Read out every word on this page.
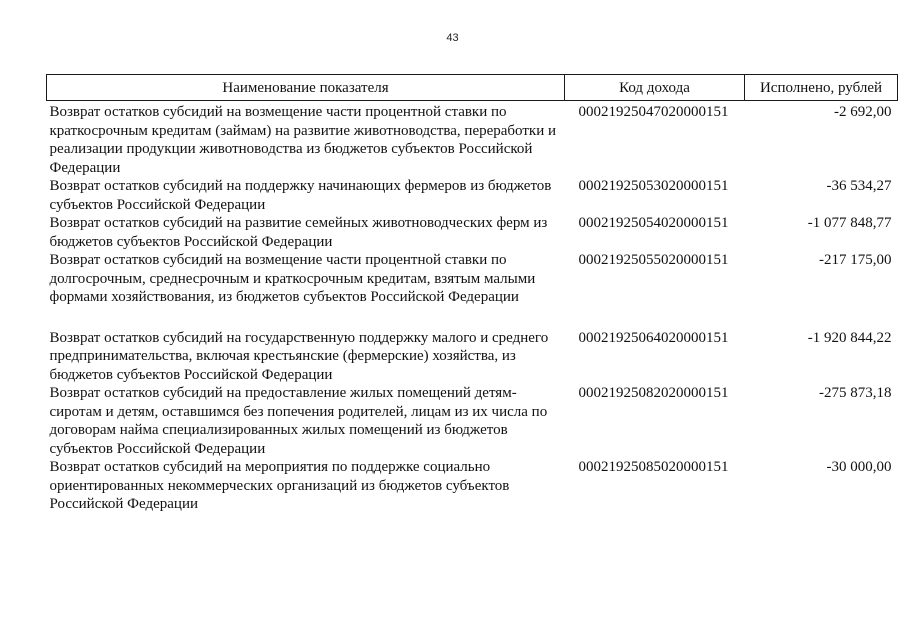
43
Наименование показателя	Код дохода	Исполнено, рублей
Возврат остатков субсидий на возмещение части процентной ставки по краткосрочным кредитам (займам) на развитие животноводства, переработки и реализации продукции животноводства из бюджетов субъектов Российской Федерации	00021925047020000151	-2 692,00
Возврат остатков субсидий на поддержку начинающих фермеров из бюджетов субъектов Российской Федерации	00021925053020000151	-36 534,27
Возврат остатков субсидий на развитие семейных животноводческих ферм из бюджетов субъектов Российской Федерации	00021925054020000151	-1 077 848,77
Возврат остатков субсидий на возмещение части процентной ставки по долгосрочным, среднесрочным и краткосрочным кредитам, взятым малыми формами хозяйствования, из бюджетов субъектов Российской Федерации	00021925055020000151	-217 175,00
Возврат остатков субсидий на государственную поддержку малого и среднего предпринимательства, включая крестьянские (фермерские) хозяйства, из бюджетов субъектов Российской Федерации	00021925064020000151	-1 920 844,22
Возврат остатков субсидий на предоставление жилых помещений детям-сиротам и детям, оставшимся без попечения родителей, лицам из их числа по договорам найма специализированных жилых помещений из бюджетов субъектов Российской Федерации	00021925082020000151	-275 873,18
Возврат остатков субсидий на мероприятия по поддержке социально ориентированных некоммерческих организаций из бюджетов субъектов Российской Федерации	00021925085020000151	-30 000,00
